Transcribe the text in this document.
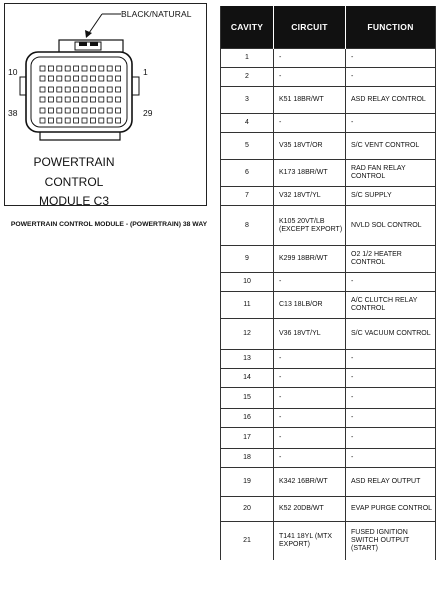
BLACK/NATURAL
10	1
38	29
POWERTRAIN
CONTROL
MODULE C3
POWERTRAIN CONTROL MODULE - (POWERTRAIN) 38 WAY
CAVITY	CIRCUIT	FUNCTION
1	-	-
2	-	-
3	K51 18BR/WT	ASD RELAY CONTROL
4	-	-
5	V35 18VT/OR	S/C VENT CONTROL
6	K173 18BR/WT	RAD FAN RELAY CONTROL
7	V32 18VT/YL	S/C SUPPLY
8	K105 20VT/LB (EXCEPT EXPORT)	NVLD SOL CONTROL
9	K299 18BR/WT	O2 1/2 HEATER CONTROL
10	-	-
11	C13 18LB/OR	A/C CLUTCH RELAY CONTROL
12	V36 18VT/YL	S/C VACUUM CONTROL
13	-	-
14	-	-
15	-	-
16	-	-
17	-	-
18	-	-
19	K342 16BR/WT	ASD RELAY OUTPUT
20	K52 20DB/WT	EVAP PURGE CONTROL
21	T141 18YL (MTX EXPORT)	FUSED IGNITION SWITCH OUTPUT (START)
